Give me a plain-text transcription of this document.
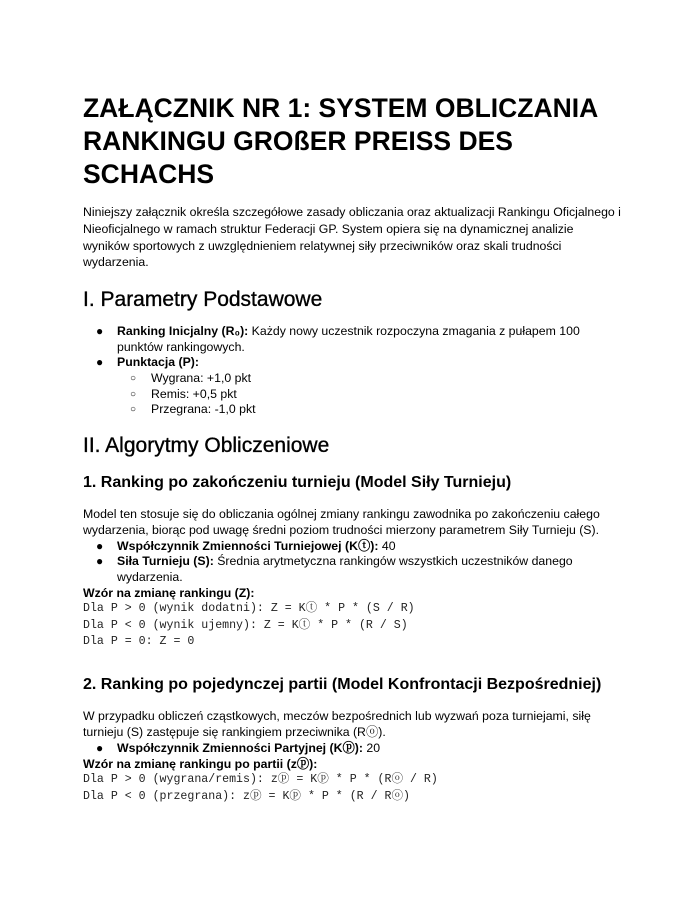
ZAŁĄCZNIK NR 1: SYSTEM OBLICZANIA RANKINGU GROßER PREISS DES SCHACHS

Niniejszy załącznik określa szczegółowe zasady obliczania oraz aktualizacji Rankingu Oficjalnego i Nieoficjalnego w ramach struktur Federacji GP. System opiera się na dynamicznej analizie wyników sportowych z uwzględnieniem relatywnej siły przeciwników oraz skali trudności wydarzenia.

I. Parametry Podstawowe
● Ranking Inicjalny (R₀): Każdy nowy uczestnik rozpoczyna zmagania z pułapem 100 punktów rankingowych.
● Punktacja (P):
○ Wygrana: +1,0 pkt
○ Remis: +0,5 pkt
○ Przegrana: -1,0 pkt
II. Algorytmy Obliczeniowe
1. Ranking po zakończeniu turnieju (Model Siły Turnieju)

Model ten stosuje się do obliczania ogólnej zmiany rankingu zawodnika po zakończeniu całego wydarzenia, biorąc pod uwagę średni poziom trudności mierzony parametrem Siły Turnieju (S).

● Współczynnik Zmienności Turniejowej (Kⓣ): 40
● Siła Turnieju (S): Średnia arytmetyczna rankingów wszystkich uczestników danego wydarzenia.
Wzór na zmianę rankingu (Z):
Dla P > 0 (wynik dodatni): Z = Kⓣ * P * (S / R)
Dla P < 0 (wynik ujemny): Z = Kⓣ * P * (R / S)
Dla P = 0: Z = 0
2. Ranking po pojedynczej partii (Model Konfrontacji Bezpośredniej)

W przypadku obliczeń cząstkowych, meczów bezpośrednich lub wyzwań poza turniejami, siłę turnieju (S) zastępuje się rankingiem przeciwnika (Rⓞ).

● Współczynnik Zmienności Partyjnej (Kⓟ): 20
Wzór na zmianę rankingu po partii (zⓟ):
Dla P > 0 (wygrana/remis): zⓟ = Kⓟ * P * (Rⓞ / R)
Dla P < 0 (przegrana): zⓟ = Kⓟ * P * (R / Rⓞ)
